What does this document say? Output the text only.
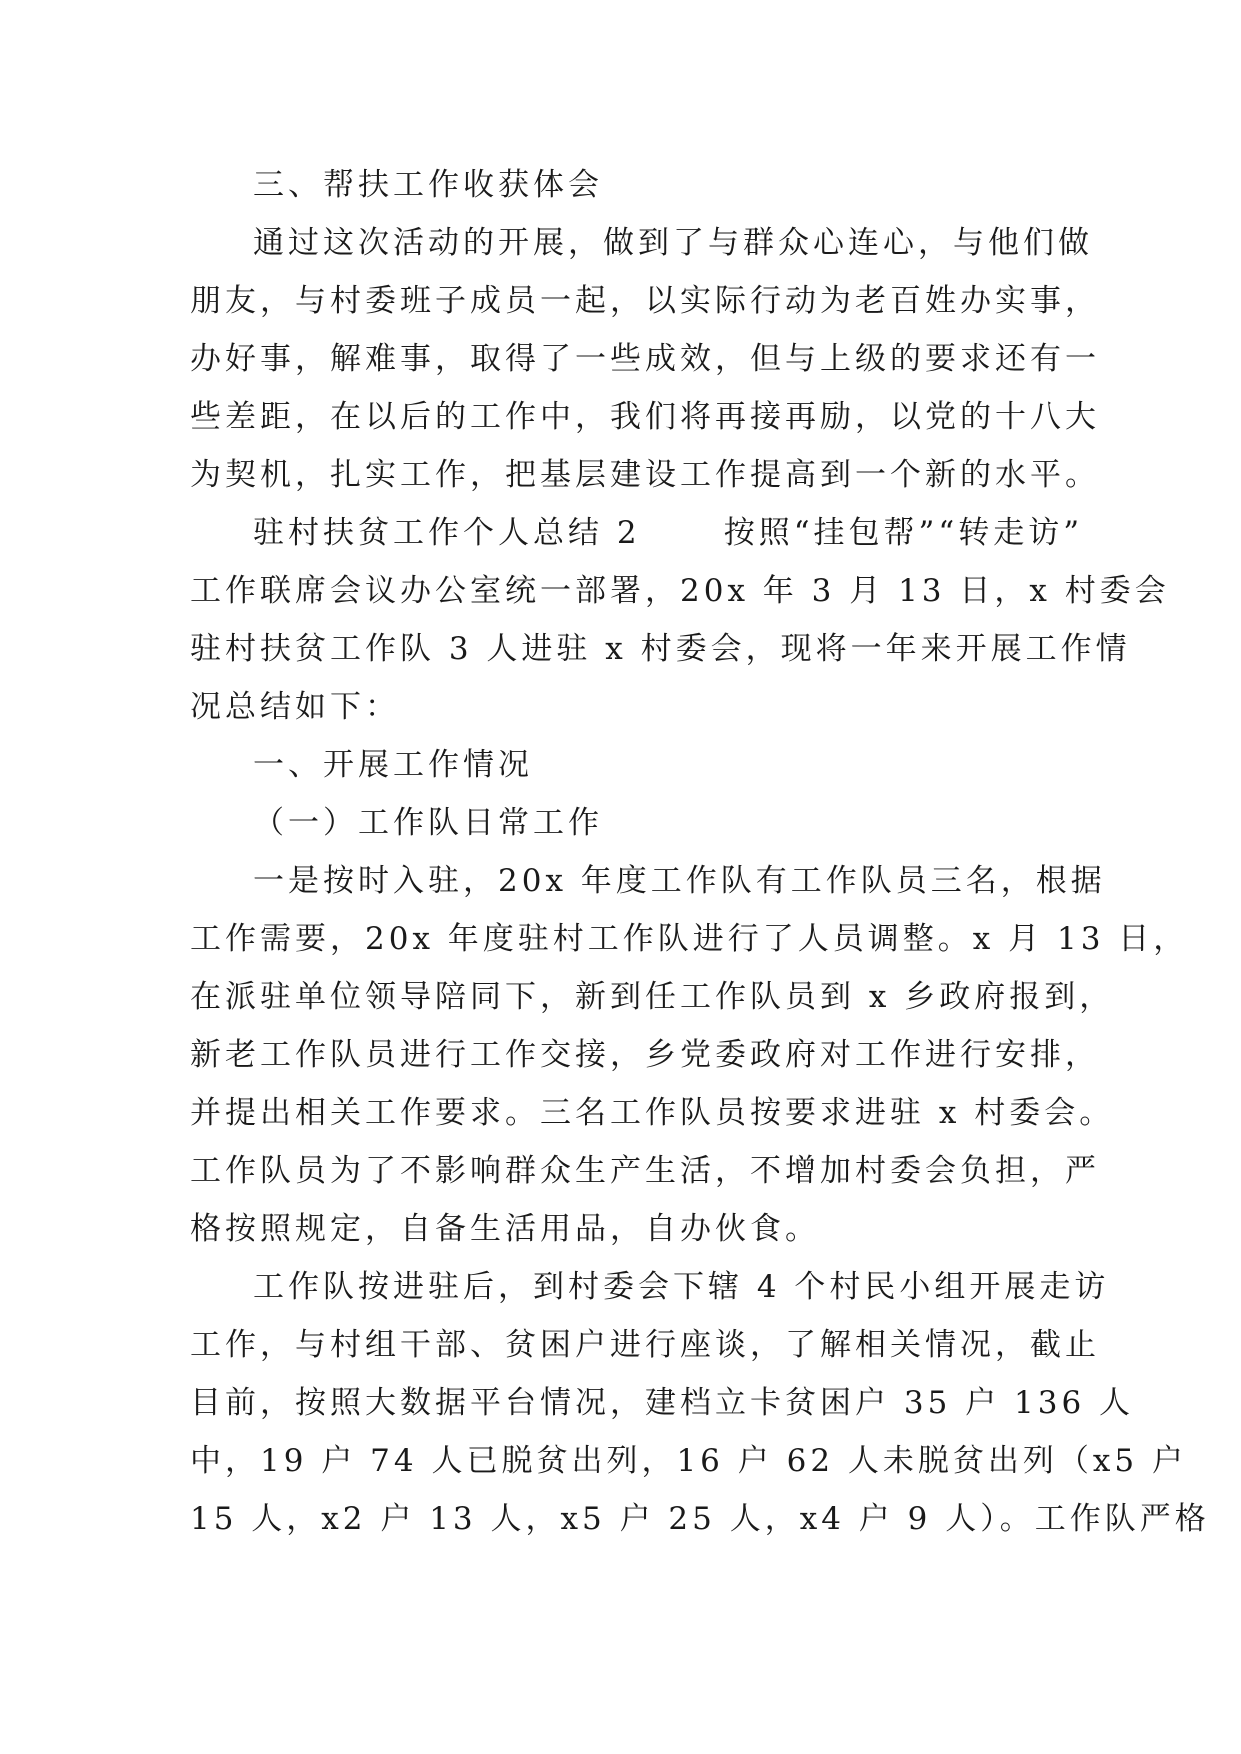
三、帮扶工作收获体会
通过这次活动的开展，做到了与群众心连心，与他们做
朋友，与村委班子成员一起，以实际行动为老百姓办实事，
办好事，解难事，取得了一些成效，但与上级的要求还有一
些差距，在以后的工作中，我们将再接再励，以党的十八大
为契机，扎实工作，把基层建设工作提高到一个新的水平。
驻村扶贫工作个人总结 2      按照“挂包帮”“转走访”
工作联席会议办公室统一部署，20x 年 3 月 13 日，x 村委会
驻村扶贫工作队 3 人进驻 x 村委会，现将一年来开展工作情
况总结如下：
一、开展工作情况
（一）工作队日常工作
一是按时入驻，20x 年度工作队有工作队员三名，根据
工作需要，20x 年度驻村工作队进行了人员调整。x 月 13 日，
在派驻单位领导陪同下，新到任工作队员到 x 乡政府报到，
新老工作队员进行工作交接，乡党委政府对工作进行安排，
并提出相关工作要求。三名工作队员按要求进驻 x 村委会。
工作队员为了不影响群众生产生活，不增加村委会负担，严
格按照规定，自备生活用品，自办伙食。
工作队按进驻后，到村委会下辖 4 个村民小组开展走访
工作，与村组干部、贫困户进行座谈，了解相关情况，截止
目前，按照大数据平台情况，建档立卡贫困户 35 户 136 人
中，19 户 74 人已脱贫出列，16 户 62 人未脱贫出列（x5 户
15 人，x2 户 13 人，x5 户 25 人，x4 户 9 人）。工作队严格
